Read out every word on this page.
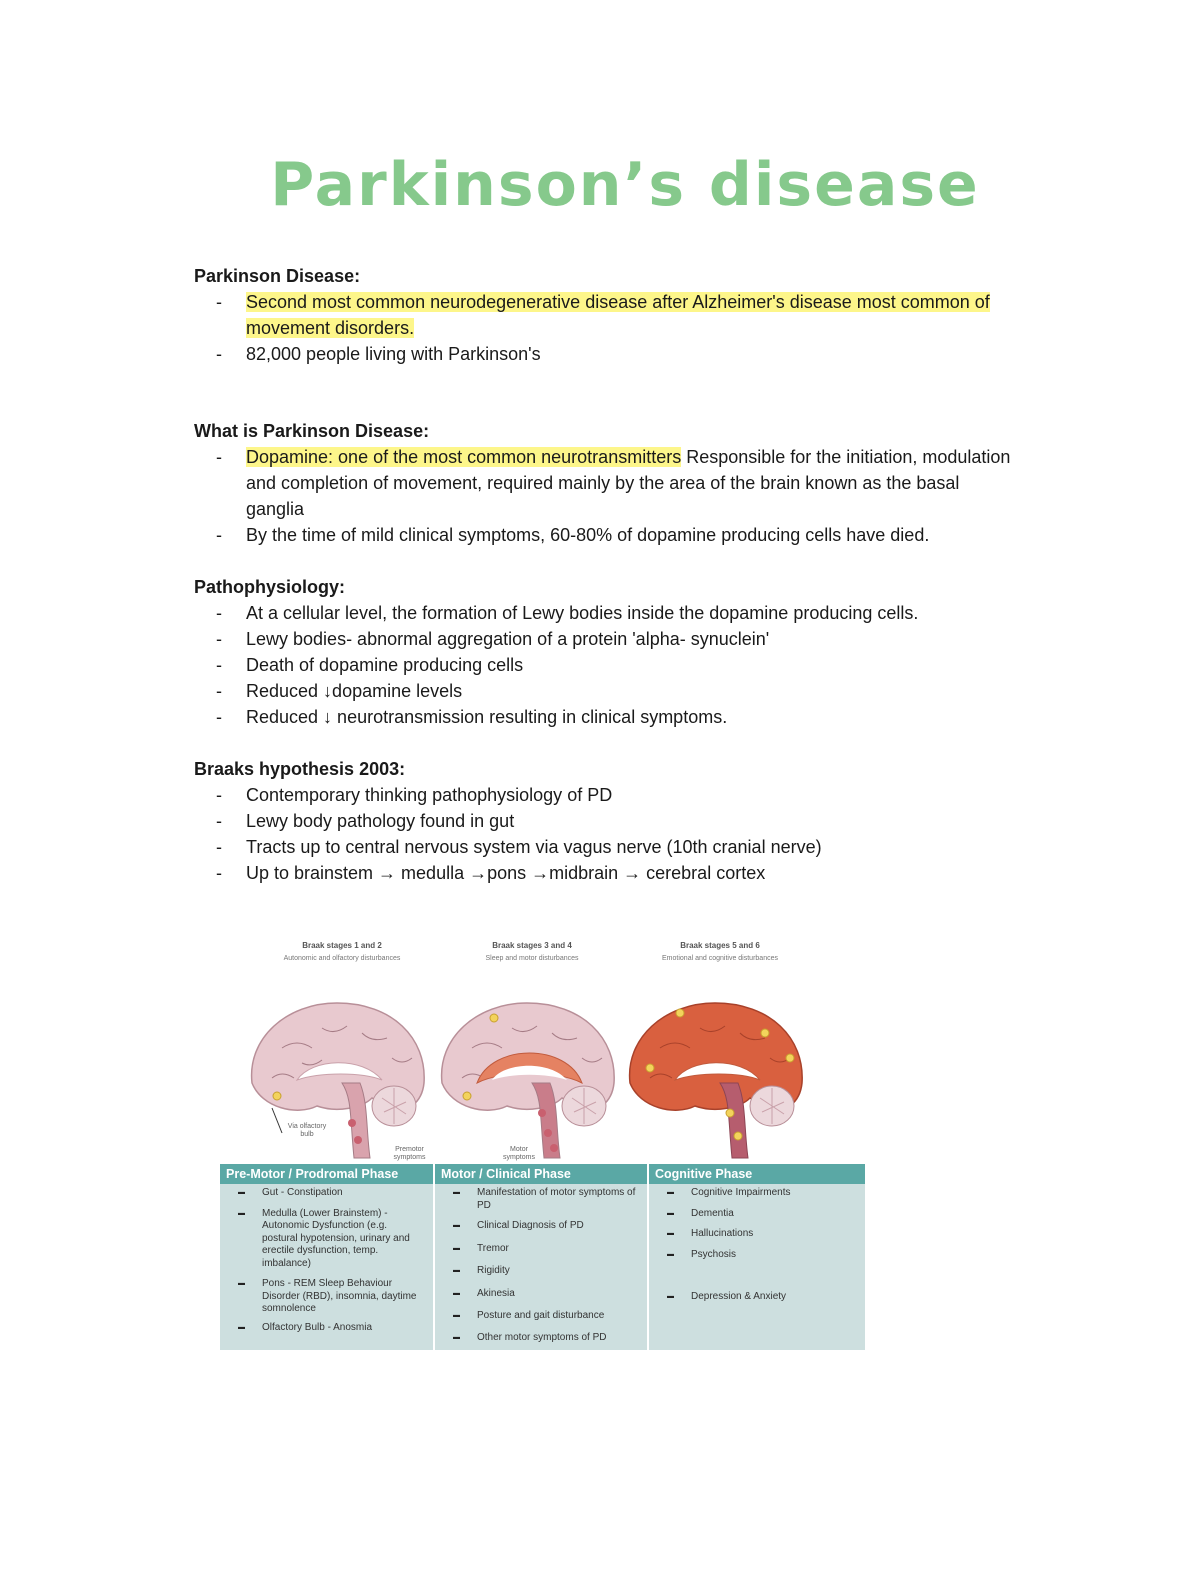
Parkinson’s disease
Parkinson Disease:
- Second most common neurodegenerative disease after Alzheimer's disease most common of movement disorders.
- 82,000 people living with Parkinson's
What is Parkinson Disease:
- Dopamine: one of the most common neurotransmitters Responsible for the initiation, modulation and completion of movement, required mainly by the area of the brain known as the basal ganglia
- By the time of mild clinical symptoms, 60-80% of dopamine producing cells have died.
Pathophysiology:
- At a cellular level, the formation of Lewy bodies inside the dopamine producing cells.
- Lewy bodies- abnormal aggregation of a protein 'alpha- synuclein'
- Death of dopamine producing cells
- Reduced ↓dopamine levels
- Reduced ↓ neurotransmission resulting in clinical symptoms.
Braaks hypothesis 2003:
- Contemporary thinking pathophysiology of PD
- Lewy body pathology found in gut
- Tracts up to central nervous system via vagus nerve (10th cranial nerve)
- Up to brainstem → medulla →pons →midbrain → cerebral cortex
Braak stages 1 and 2
Autonomic and olfactory disturbances
Via olfactory bulb
Premotor symptoms
Braak stages 3 and 4
Sleep and motor disturbances
Motor symptoms
Braak stages 5 and 6
Emotional and cognitive disturbances
Pre-Motor / Prodromal Phase	Motor / Clinical Phase	Cognitive Phase
▬ Gut - Constipation
▬ Medulla (Lower Brainstem) - Autonomic Dysfunction (e.g. postural hypotension, urinary and erectile dysfunction, temp. imbalance)
▬ Pons - REM Sleep Behaviour Disorder (RBD), insomnia, daytime somnolence
▬ Olfactory Bulb - Anosmia
▬ Manifestation of motor symptoms of PD
▬ Clinical Diagnosis of PD
▬ Tremor
▬ Rigidity
▬ Akinesia
▬ Posture and gait disturbance
▬ Other motor symptoms of PD
▬ Cognitive Impairments
▬ Dementia
▬ Hallucinations
▬ Psychosis
▬ Depression & Anxiety
